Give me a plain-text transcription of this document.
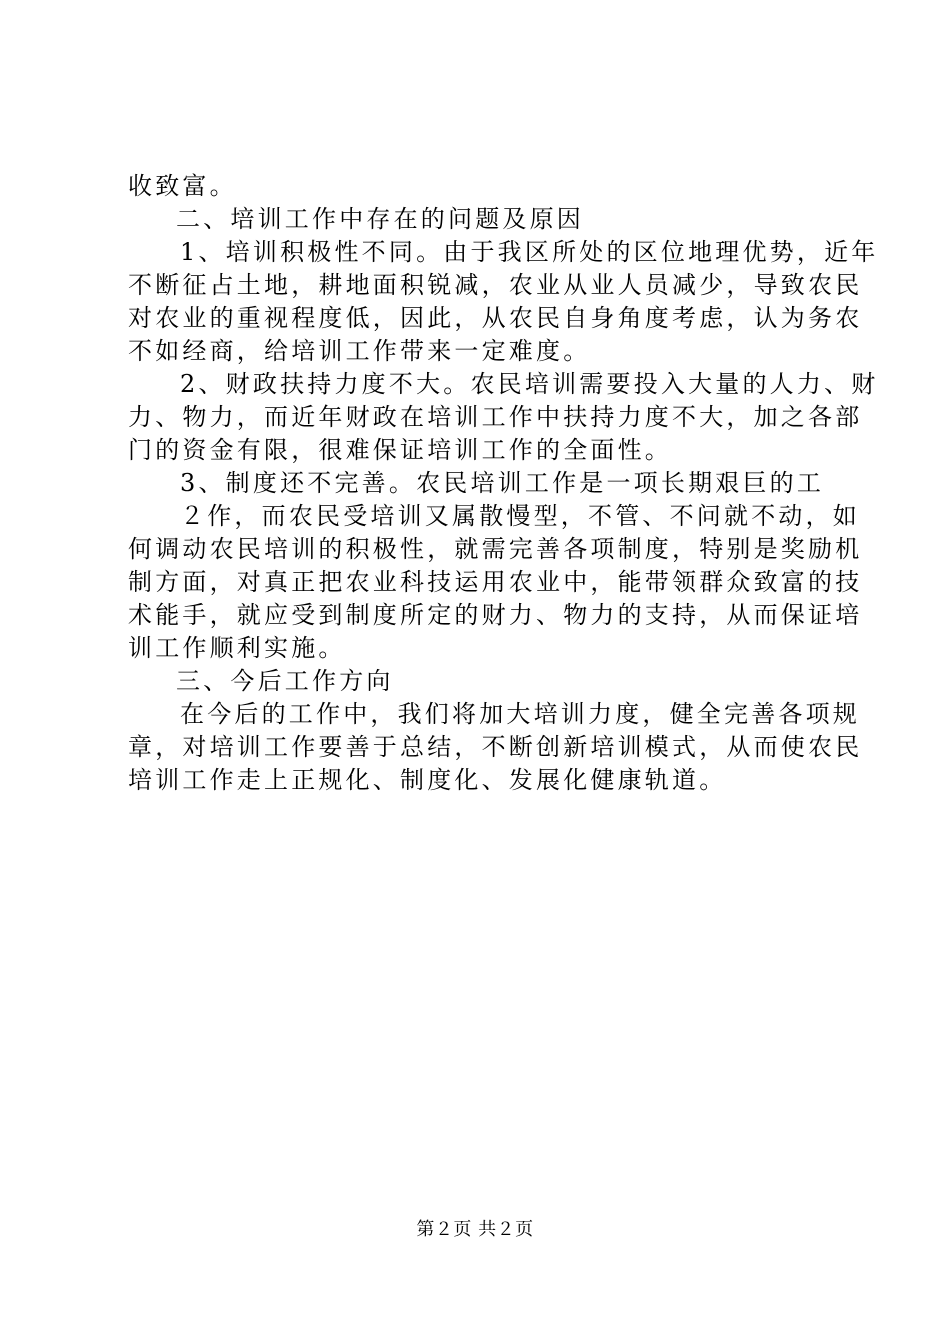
收致富。
二、培训工作中存在的问题及原因
1、培训积极性不同。由于我区所处的区位地理优势，近年
不断征占土地，耕地面积锐减，农业从业人员减少，导致农民
对农业的重视程度低，因此，从农民自身角度考虑，认为务农
不如经商，给培训工作带来一定难度。
2、财政扶持力度不大。农民培训需要投入大量的人力、财
力、物力，而近年财政在培训工作中扶持力度不大，加之各部
门的资金有限，很难保证培训工作的全面性。
3、制度还不完善。农民培训工作是一项长期艰巨的工
２作，而农民受培训又属散慢型，不管、不问就不动，如
何调动农民培训的积极性，就需完善各项制度，特别是奖励机
制方面，对真正把农业科技运用农业中，能带领群众致富的技
术能手，就应受到制度所定的财力、物力的支持，从而保证培
训工作顺利实施。
三、今后工作方向
在今后的工作中，我们将加大培训力度，健全完善各项规
章，对培训工作要善于总结，不断创新培训模式，从而使农民
培训工作走上正规化、制度化、发展化健康轨道。
第２页 共２页
